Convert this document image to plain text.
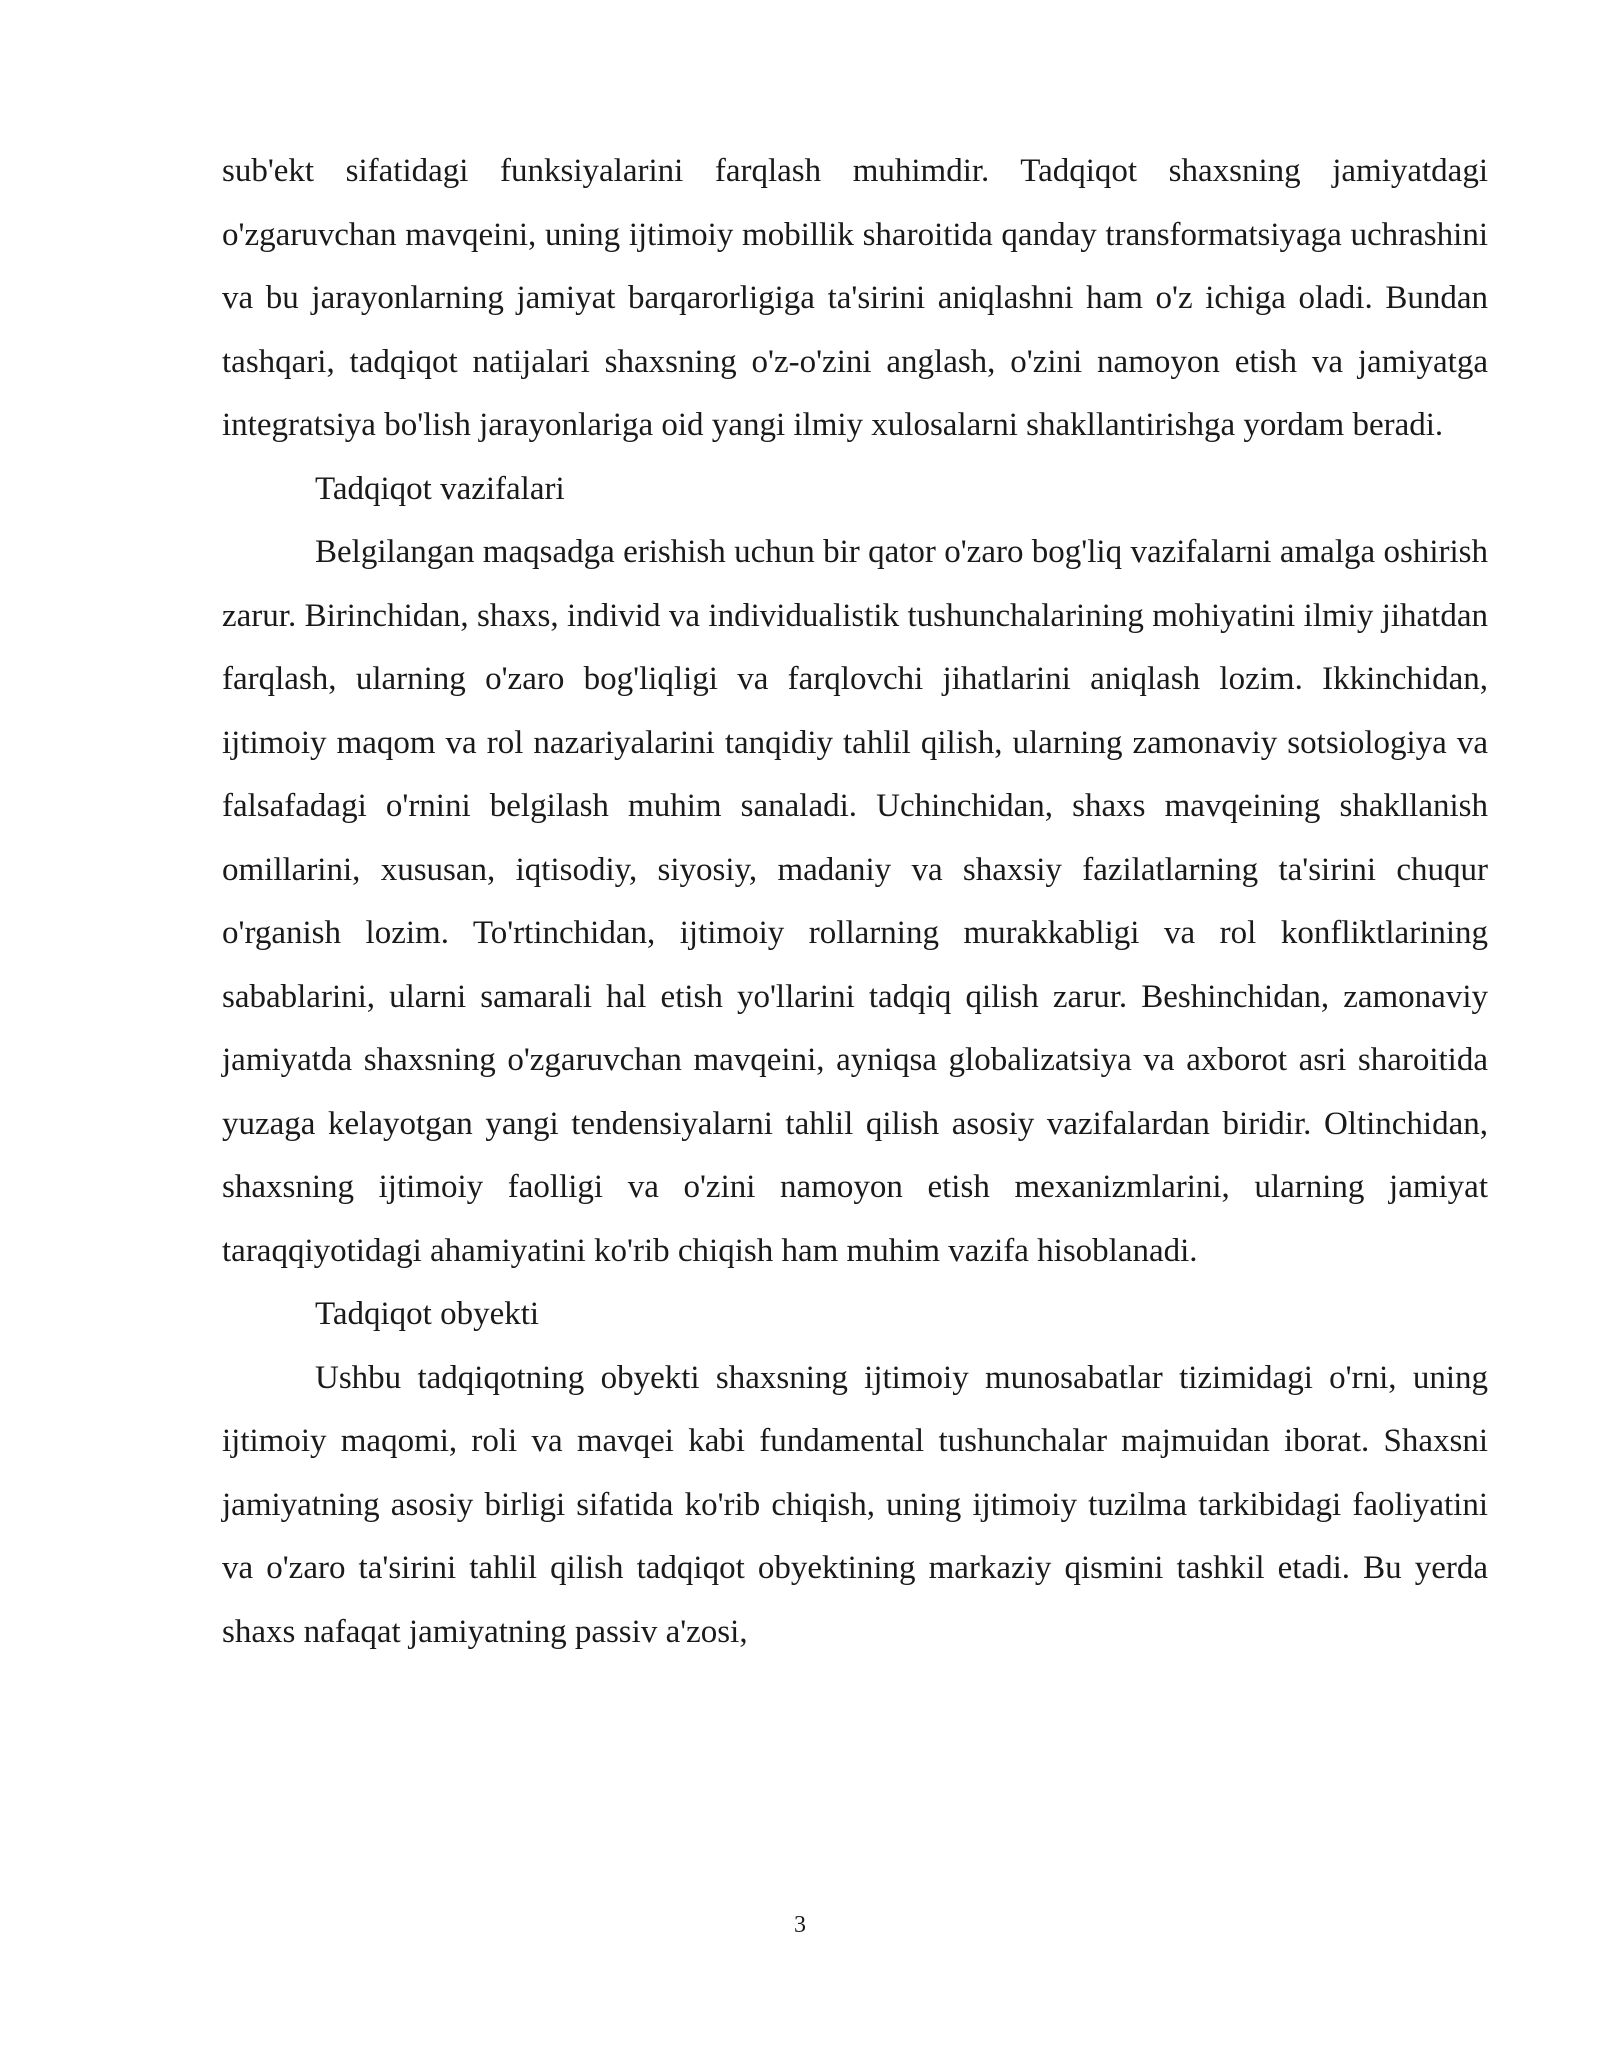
sub'ekt sifatidagi funksiyalarini farqlash muhimdir. Tadqiqot shaxsning jamiyatdagi o'zgaruvchan mavqeini, uning ijtimoiy mobillik sharoitida qanday transformatsiyaga uchrashini va bu jarayonlarning jamiyat barqarorligiga ta'sirini aniqlashni ham o'z ichiga oladi. Bundan tashqari, tadqiqot natijalari shaxsning o'z-o'zini anglash, o'zini namoyon etish va jamiyatga integratsiya bo'lish jarayonlariga oid yangi ilmiy xulosalarni shakllantirishga yordam beradi.

Tadqiqot vazifalari

Belgilangan maqsadga erishish uchun bir qator o'zaro bog'liq vazifalarni amalga oshirish zarur. Birinchidan, shaxs, individ va individualistik tushunchalarining mohiyatini ilmiy jihatdan farqlash, ularning o'zaro bog'liqligi va farqlovchi jihatlarini aniqlash lozim. Ikkinchidan, ijtimoiy maqom va rol nazariyalarini tanqidiy tahlil qilish, ularning zamonaviy sotsiologiya va falsafadagi o'rnini belgilash muhim sanaladi. Uchinchidan, shaxs mavqeining shakllanish omillarini, xususan, iqtisodiy, siyosiy, madaniy va shaxsiy fazilatlarning ta'sirini chuqur o'rganish lozim. To'rtinchidan, ijtimoiy rollarning murakkabligi va rol konfliktlarining sabablarini, ularni samarali hal etish yo'llarini tadqiq qilish zarur. Beshinchidan, zamonaviy jamiyatda shaxsning o'zgaruvchan mavqeini, ayniqsa globalizatsiya va axborot asri sharoitida yuzaga kelayotgan yangi tendensiyalarni tahlil qilish asosiy vazifalardan biridir. Oltinchidan, shaxsning ijtimoiy faolligi va o'zini namoyon etish mexanizmlarini, ularning jamiyat taraqqiyotidagi ahamiyatini ko'rib chiqish ham muhim vazifa hisoblanadi.

Tadqiqot obyekti

Ushbu tadqiqotning obyekti shaxsning ijtimoiy munosabatlar tizimidagi o'rni, uning ijtimoiy maqomi, roli va mavqei kabi fundamental tushunchalar majmuidan iborat. Shaxsni jamiyatning asosiy birligi sifatida ko'rib chiqish, uning ijtimoiy tuzilma tarkibidagi faoliyatini va o'zaro ta'sirini tahlil qilish tadqiqot obyektining markaziy qismini tashkil etadi. Bu yerda shaxs nafaqat jamiyatning passiv a'zosi,

3
